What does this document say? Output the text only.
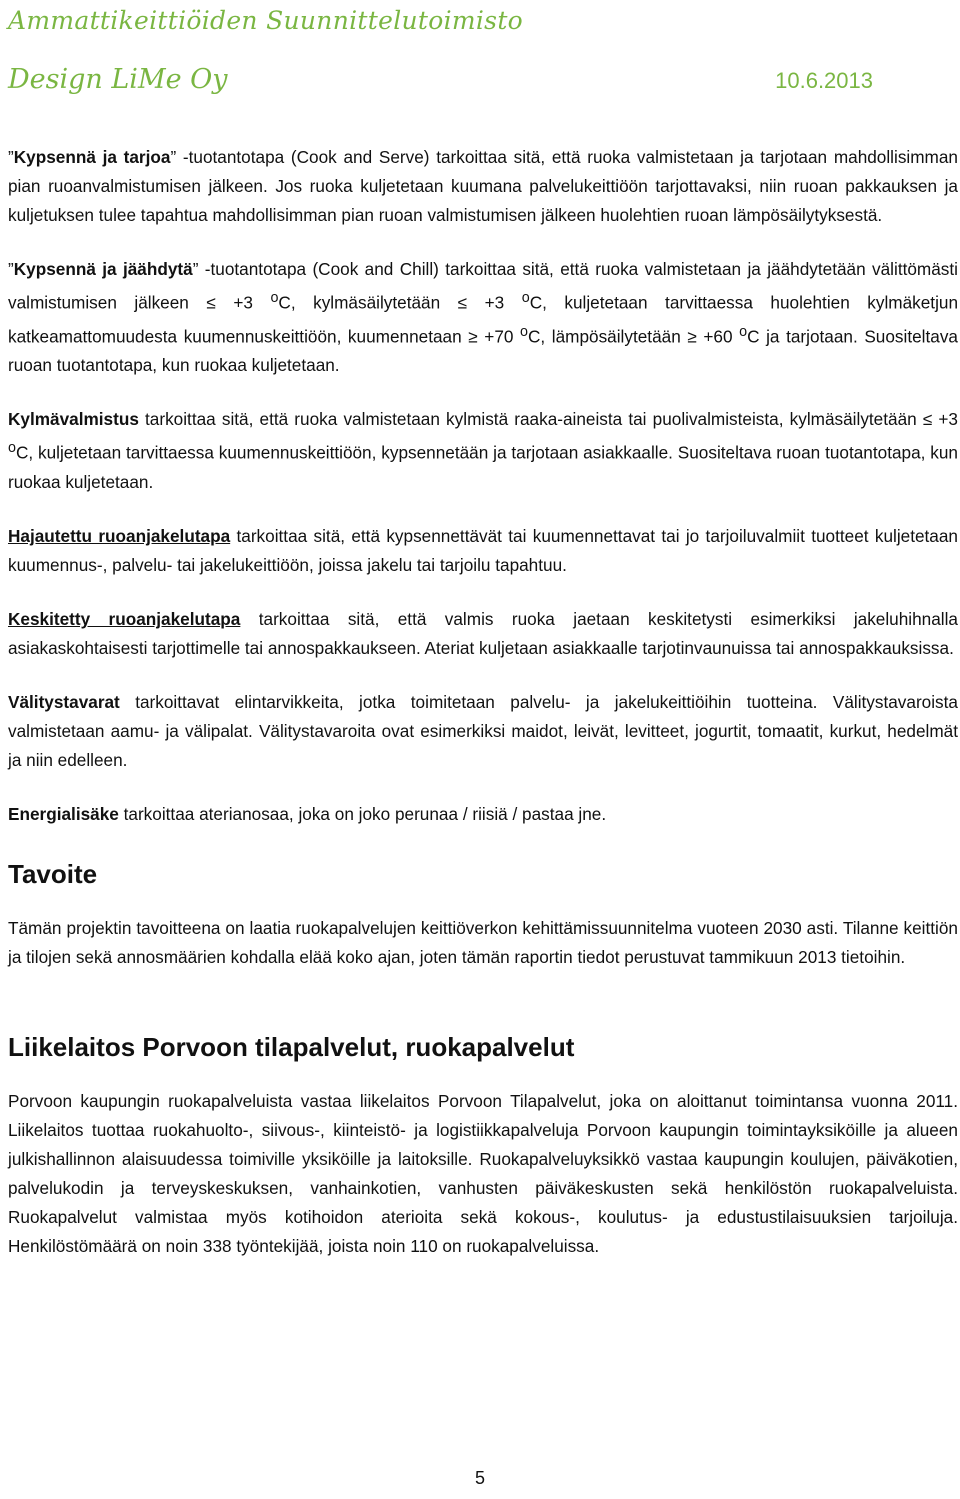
Ammattikeittiöiden Suunnittelutoimisto
Design LiMe Oy	10.6.2013

”Kypsennä ja tarjoa” -tuotantotapa (Cook and Serve) tarkoittaa sitä, että ruoka valmistetaan ja tarjotaan mahdollisimman pian ruoanvalmistumisen jälkeen. Jos ruoka kuljetetaan kuumana palvelukeittiöön tarjottavaksi, niin ruoan pakkauksen ja kuljetuksen tulee tapahtua mahdollisimman pian ruoan valmistumisen jälkeen huolehtien ruoan lämpösäilytyksestä.

”Kypsennä ja jäähdytä” -tuotantotapa (Cook and Chill) tarkoittaa sitä, että ruoka valmistetaan ja jäähdytetään välittömästi valmistumisen jälkeen ≤ +3 $^o$C, kylmäsäilytetään ≤ +3 $^o$C, kuljetetaan tarvittaessa huolehtien kylmäketjun katkeamattomuudesta kuumennuskeittiöön, kuumennetaan ≥ +70 $^o$C, lämpösäilytetään ≥ +60 $^o$C ja tarjotaan. Suositeltava ruoan tuotantotapa, kun ruokaa kuljetetaan.

Kylmävalmistus tarkoittaa sitä, että ruoka valmistetaan kylmistä raaka-aineista tai puolivalmisteista, kylmäsäilytetään ≤ +3 $^o$C, kuljetetaan tarvittaessa kuumennuskeittiöön, kypsennetään ja tarjotaan asiakkaalle. Suositeltava ruoan tuotantotapa, kun ruokaa kuljetetaan.

Hajautettu ruoanjakelutapa tarkoittaa sitä, että kypsennettävät tai kuumennettavat tai jo tarjoiluvalmiit tuotteet kuljetetaan kuumennus-, palvelu- tai jakelukeittiöön, joissa jakelu tai tarjoilu tapahtuu.

Keskitetty ruoanjakelutapa tarkoittaa sitä, että valmis ruoka jaetaan keskitetysti esimerkiksi jakeluhihnalla asiakaskohtaisesti tarjottimelle tai annospakkaukseen. Ateriat kuljetaan asiakkaalle tarjotinvaunuissa tai annospakkauksissa.

Välitystavarat tarkoittavat elintarvikkeita, jotka toimitetaan palvelu- ja jakelukeittiöihin tuotteina. Välitystavaroista valmistetaan aamu- ja välipalat. Välitystavaroita ovat esimerkiksi maidot, leivät, levitteet, jogurtit, tomaatit, kurkut, hedelmät ja niin edelleen.

Energialisäke tarkoittaa aterianosaa, joka on joko perunaa / riisiä / pastaa jne.

Tavoite

Tämän projektin tavoitteena on laatia ruokapalvelujen keittiöverkon kehittämissuunnitelma vuoteen 2030 asti. Tilanne keittiön ja tilojen sekä annosmäärien kohdalla elää koko ajan, joten tämän raportin tiedot perustuvat tammikuun 2013 tietoihin.

Liikelaitos Porvoon tilapalvelut, ruokapalvelut

Porvoon kaupungin ruokapalveluista vastaa liikelaitos Porvoon Tilapalvelut, joka on aloittanut toimintansa vuonna 2011. Liikelaitos tuottaa ruokahuolto-, siivous-, kiinteistö- ja logistiikkapalveluja Porvoon kaupungin toimintayksiköille ja alueen julkishallinnon alaisuudessa toimiville yksiköille ja laitoksille. Ruokapalveluyksikkö vastaa kaupungin koulujen, päiväkotien, palvelukodin ja terveyskeskuksen, vanhainkotien, vanhusten päiväkeskusten sekä henkilöstön ruokapalveluista. Ruokapalvelut valmistaa myös kotihoidon aterioita sekä kokous-, koulutus- ja edustustilaisuuksien tarjoiluja. Henkilöstömäärä on noin 338 työntekijää, joista noin 110 on ruokapalveluissa.

5
